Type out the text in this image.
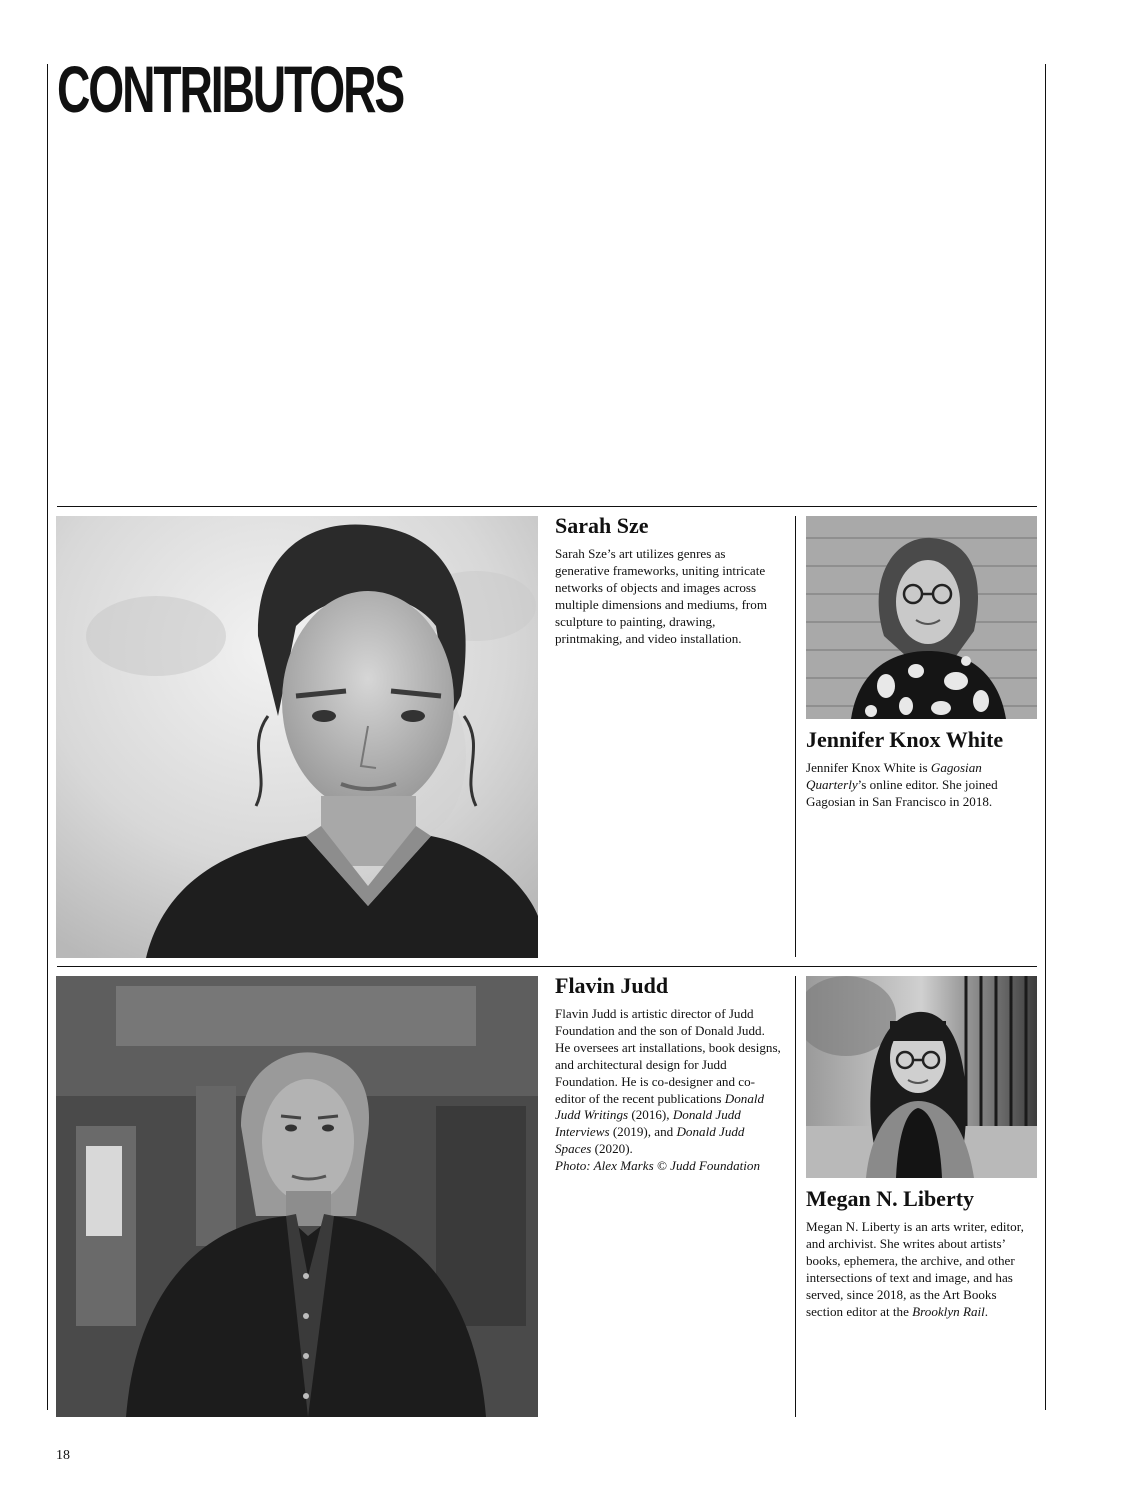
CONTRIBUTORS
Sarah Sze

Sarah Sze’s art utilizes genres as generative frameworks, uniting intricate networks of objects and images across multiple dimensions and mediums, from sculpture to painting, drawing, printmaking, and video installation.

Jennifer Knox White

Jennifer Knox White is Gagosian Quarterly’s online editor. She joined Gagosian in San Francisco in 2018.

Flavin Judd

Flavin Judd is artistic director of Judd Foundation and the son of Donald Judd. He oversees art installations, book designs, and architectural design for Judd Foundation. He is co-designer and co-editor of the recent publications Donald Judd Writings (2016), Donald Judd Interviews (2019), and Donald Judd Spaces (2020).
Photo: Alex Marks © Judd Foundation

Megan N. Liberty

Megan N. Liberty is an arts writer, editor, and archivist. She writes about artists’ books, ephemera, the archive, and other intersections of text and image, and has served, since 2018, as the Art Books section editor at the Brooklyn Rail.

18
